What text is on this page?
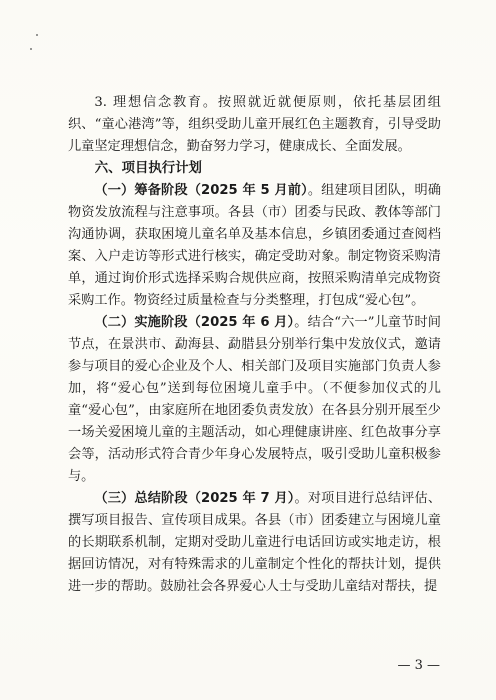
3. 理想信念教育。按照就近就便原则，依托基层团组织、“童心港湾”等，组织受助儿童开展红色主题教育，引导受助儿童坚定理想信念，勤奋努力学习，健康成长、全面发展。

六、项目执行计划

（一）筹备阶段（2025 年 5 月前）。组建项目团队，明确物资发放流程与注意事项。各县（市）团委与民政、教体等部门沟通协调，获取困境儿童名单及基本信息，乡镇团委通过查阅档案、入户走访等形式进行核实，确定受助对象。制定物资采购清单，通过询价形式选择采购合规供应商，按照采购清单完成物资采购工作。物资经过质量检查与分类整理，打包成“爱心包”。

（二）实施阶段（2025 年 6 月）。结合“六一”儿童节时间节点，在景洪市、勐海县、勐腊县分别举行集中发放仪式，邀请参与项目的爱心企业及个人、相关部门及项目实施部门负责人参加，将“爱心包”送到每位困境儿童手中。（不便参加仪式的儿童“爱心包”，由家庭所在地团委负责发放）在各县分别开展至少一场关爱困境儿童的主题活动，如心理健康讲座、红色故事分享会等，活动形式符合青少年身心发展特点，吸引受助儿童积极参与。

（三）总结阶段（2025 年 7 月）。对项目进行总结评估、撰写项目报告、宣传项目成果。各县（市）团委建立与困境儿童的长期联系机制，定期对受助儿童进行电话回访或实地走访，根据回访情况，对有特殊需求的儿童制定个性化的帮扶计划，提供进一步的帮助。鼓励社会各界爱心人士与受助儿童结对帮扶，提

— 3 —
